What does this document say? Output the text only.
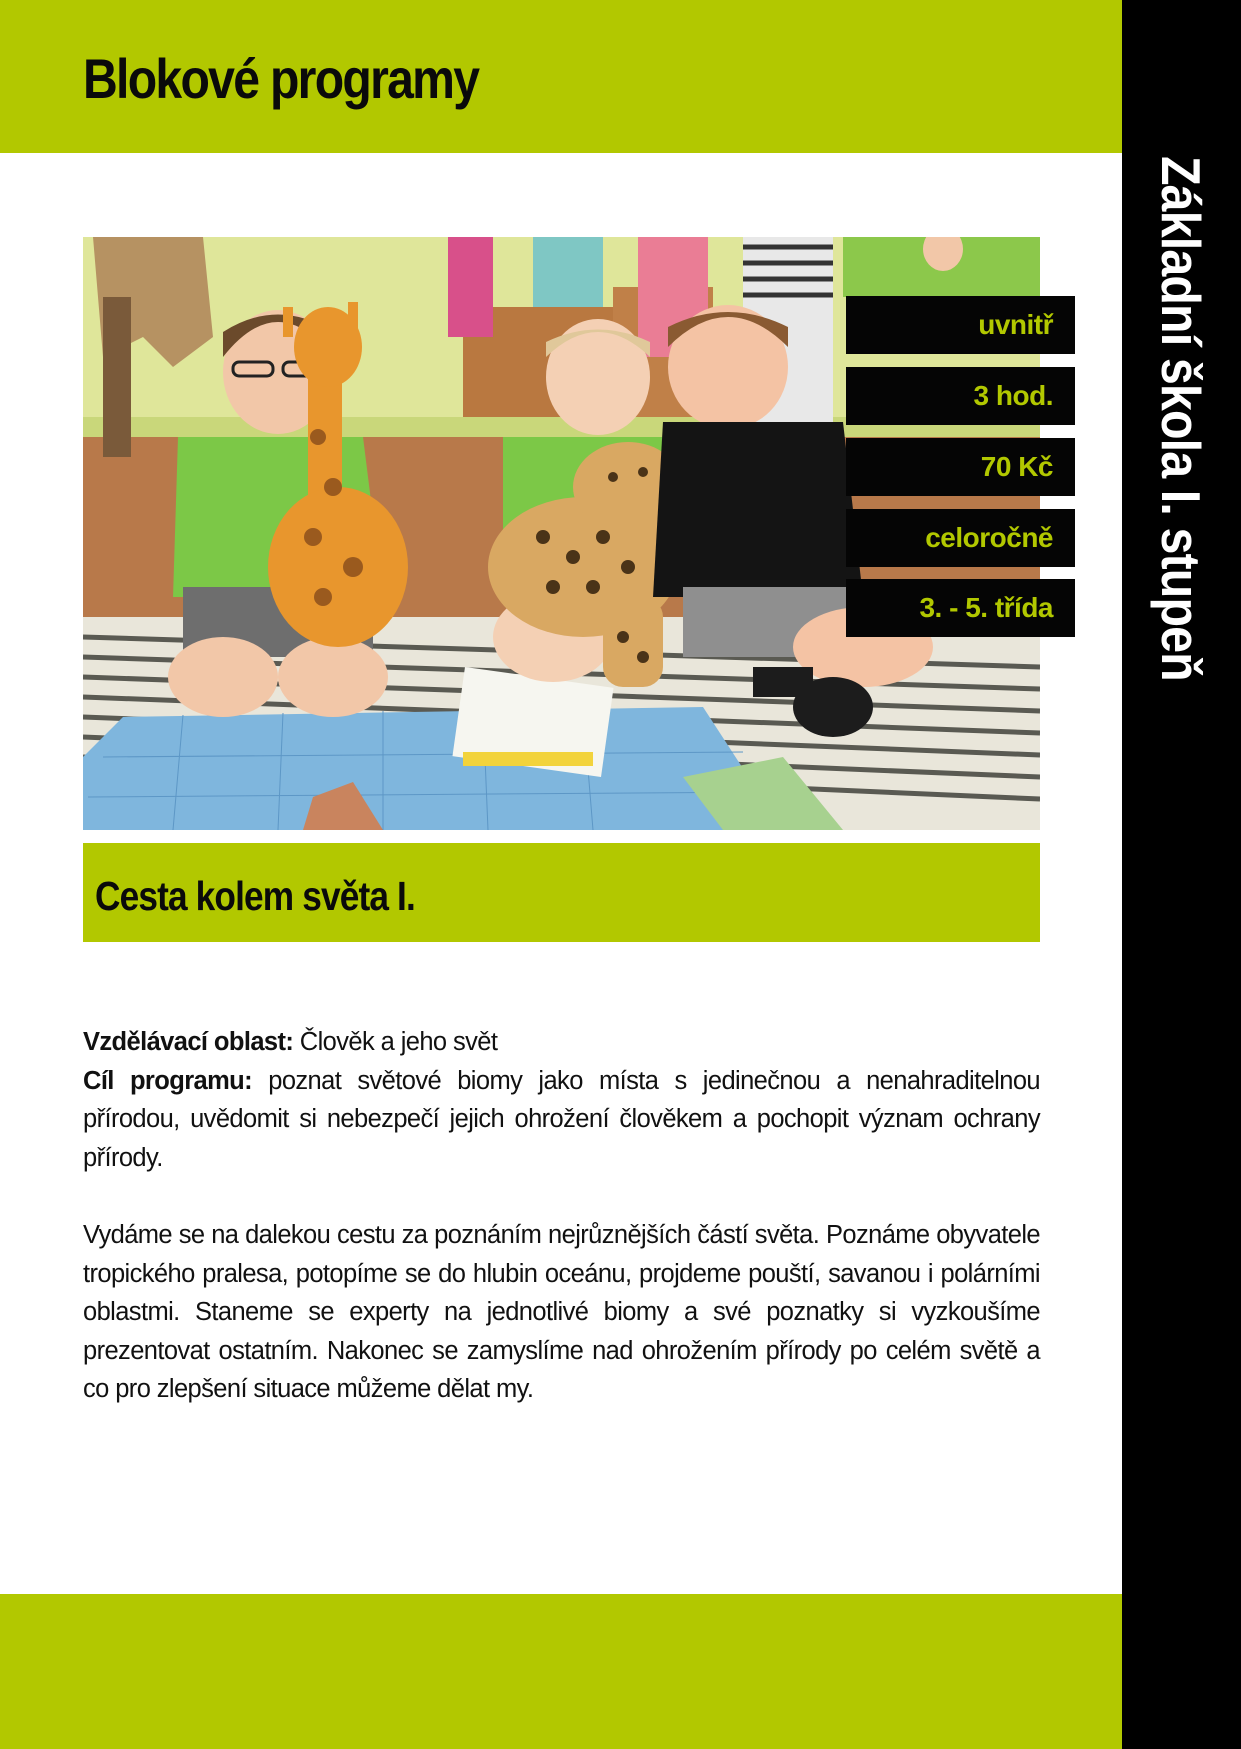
Blokové programy
Základní škola I. stupeň
uvnitř
3 hod.
70 Kč
celoročně
3. - 5. třída
Cesta kolem světa I.

Vzdělávací oblast: Člověk a jeho svět

Cíl programu: poznat světové biomy jako místa s jedinečnou a nenahraditelnou přírodou, uvědomit si nebezpečí jejich ohrožení člověkem a pochopit význam ochrany přírody.

Vydáme se na dalekou cestu za poznáním nejrůznějších částí světa. Poznáme obyvatele tropického pralesa, potopíme se do hlubin oceánu, projdeme pouští, savanou i polárními oblastmi. Staneme se experty na jednotlivé biomy a své poznatky si vyzkoušíme prezentovat ostatním. Nakonec se zamyslíme nad ohrožením přírody po celém světě a co pro zlepšení situace můžeme dělat my.
